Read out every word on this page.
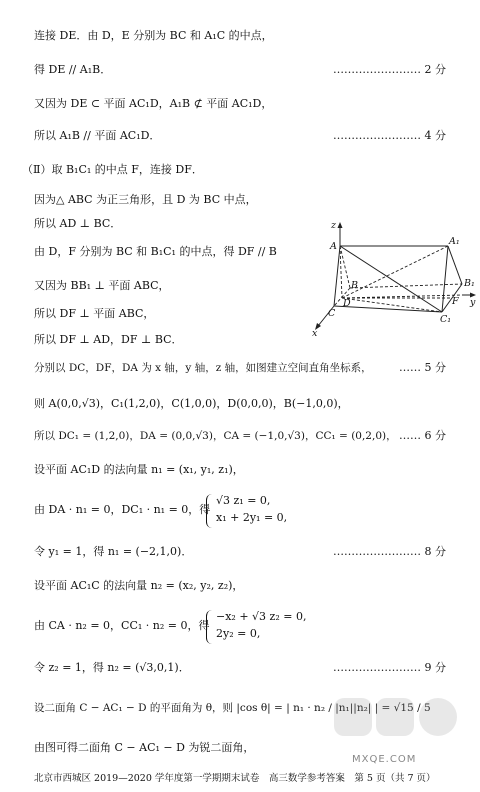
连接 DE．由 D，E 分别为 BC 和 A₁C 的中点，
得 DE // A₁B．	…………………… 2 分
又因为 DE ⊂ 平面 AC₁D，A₁B ⊄ 平面 AC₁D，
所以 A₁B // 平面 AC₁D．	…………………… 4 分
（Ⅱ）取 B₁C₁ 的中点 F，连接 DF．
因为△ ABC 为正三角形，且 D 为 BC 中点，
所以 AD ⊥ BC．
由 D，F 分别为 BC 和 B₁C₁ 的中点，得 DF // B
又因为 BB₁ ⊥ 平面 ABC，
所以 DF ⊥ 平面 ABC，
所以 DF ⊥ AD，DF ⊥ BC．
分别以 DC，DF，DA 为 x 轴，y 轴，z 轴，如图建立空间直角坐标系， …… 5 分
则 A(0,0,√3)，C₁(1,2,0)，C(1,0,0)，D(0,0,0)，B(−1,0,0)，
所以 DC₁ = (1,2,0)，DA = (0,0,√3)，CA = (−1,0,√3)，CC₁ = (0,2,0)， …… 6 分
设平面 AC₁D 的法向量 n₁ = (x₁, y₁, z₁)，
由 DA · n₁ = 0，DC₁ · n₁ = 0，得
√3 z₁ = 0,
x₁ + 2y₁ = 0,
令 y₁ = 1，得 n₁ = (−2,1,0)．	…………………… 8 分
设平面 AC₁C 的法向量 n₂ = (x₂, y₂, z₂)，
由 CA · n₂ = 0，CC₁ · n₂ = 0，得
−x₂ + √3 z₂ = 0,
2y₂ = 0,
令 z₂ = 1，得 n₂ = (√3,0,1)．	…………………… 9 分
设二面角 C − AC₁ − D 的平面角为 θ，则 |cos θ| = | n₁ · n₂ / |n₁||n₂| | = √15 / 5
由图可得二面角 C − AC₁ − D 为锐二面角，
z
A	A₁
B	B₁
D	F
C
C₁
y
x
MXQE.COM
北京市西城区 2019—2020 学年度第一学期期末试卷　高三数学参考答案　第 5 页（共 7 页）
